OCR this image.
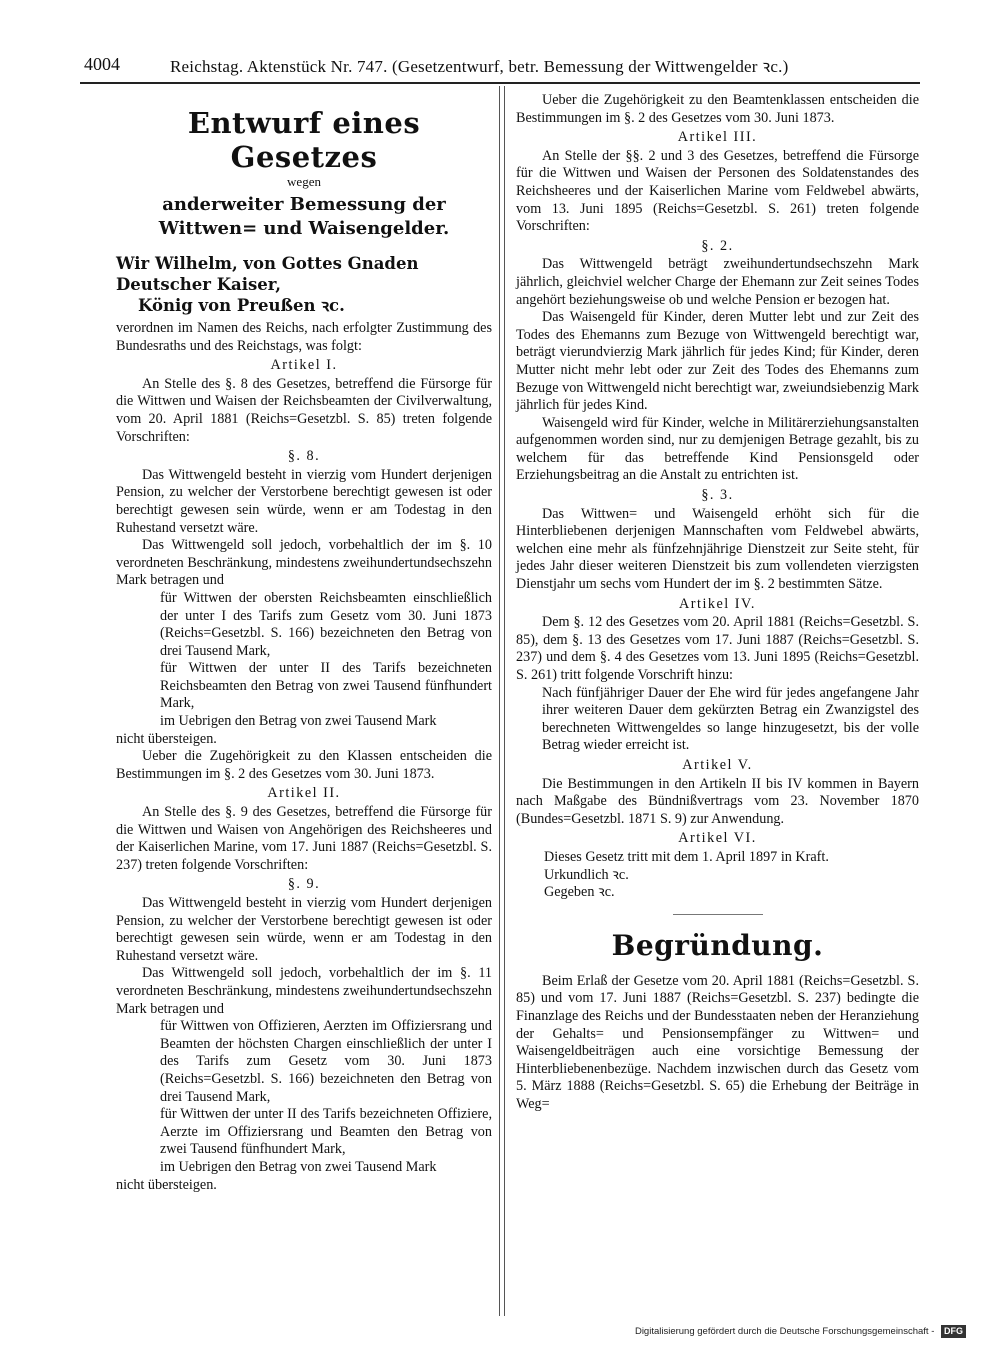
4004	Reichstag. Aktenstück Nr. 747. (Gesetzentwurf, betr. Bemessung der Wittwengelder ꝛc.)

Entwurf eines Gesetzes

wegen

anderweiter Bemessung der Wittwen= und Waisengelder.

Wir Wilhelm, von Gottes Gnaden Deutscher Kaiser,

König von Preußen ꝛc.

verordnen im Namen des Reichs, nach erfolgter Zustimmung des Bundesraths und des Reichstags, was folgt:

Artikel I.

An Stelle des §. 8 des Gesetzes, betreffend die Fürsorge für die Wittwen und Waisen der Reichsbeamten der Civilverwaltung, vom 20. April 1881 (Reichs=Gesetzbl. S. 85) treten folgende Vorschriften:

§. 8.

Das Wittwengeld besteht in vierzig vom Hundert derjenigen Pension, zu welcher der Verstorbene berechtigt gewesen ist oder berechtigt gewesen sein würde, wenn er am Todestag in den Ruhestand versetzt wäre.

Das Wittwengeld soll jedoch, vorbehaltlich der im §. 10 verordneten Beschränkung, mindestens zweihundertundsechszehn Mark betragen und

für Wittwen der obersten Reichsbeamten einschließlich der unter I des Tarifs zum Gesetz vom 30. Juni 1873 (Reichs=Gesetzbl. S. 166) bezeichneten den Betrag von drei Tausend Mark,

für Wittwen der unter II des Tarifs bezeichneten Reichsbeamten den Betrag von zwei Tausend fünfhundert Mark,

im Uebrigen den Betrag von zwei Tausend Mark

nicht übersteigen.

Ueber die Zugehörigkeit zu den Klassen entscheiden die Bestimmungen im §. 2 des Gesetzes vom 30. Juni 1873.

Artikel II.

An Stelle des §. 9 des Gesetzes, betreffend die Fürsorge für die Wittwen und Waisen von Angehörigen des Reichsheeres und der Kaiserlichen Marine, vom 17. Juni 1887 (Reichs=Gesetzbl. S. 237) treten folgende Vorschriften:

§. 9.

Das Wittwengeld besteht in vierzig vom Hundert derjenigen Pension, zu welcher der Verstorbene berechtigt gewesen ist oder berechtigt gewesen sein würde, wenn er am Todestag in den Ruhestand versetzt wäre.

Das Wittwengeld soll jedoch, vorbehaltlich der im §. 11 verordneten Beschränkung, mindestens zweihundertundsechszehn Mark betragen und

für Wittwen von Offizieren, Aerzten im Offiziersrang und Beamten der höchsten Chargen einschließlich der unter I des Tarifs zum Gesetz vom 30. Juni 1873 (Reichs=Gesetzbl. S. 166) bezeichneten den Betrag von drei Tausend Mark,

für Wittwen der unter II des Tarifs bezeichneten Offiziere, Aerzte im Offiziersrang und Beamten den Betrag von zwei Tausend fünfhundert Mark,

im Uebrigen den Betrag von zwei Tausend Mark

nicht übersteigen.

Ueber die Zugehörigkeit zu den Beamtenklassen entscheiden die Bestimmungen im §. 2 des Gesetzes vom 30. Juni 1873.

Artikel III.

An Stelle der §§. 2 und 3 des Gesetzes, betreffend die Fürsorge für die Wittwen und Waisen der Personen des Soldatenstandes des Reichsheeres und der Kaiserlichen Marine vom Feldwebel abwärts, vom 13. Juni 1895 (Reichs=Gesetzbl. S. 261) treten folgende Vorschriften:

§. 2.

Das Wittwengeld beträgt zweihundertundsechszehn Mark jährlich, gleichviel welcher Charge der Ehemann zur Zeit seines Todes angehört beziehungsweise ob und welche Pension er bezogen hat.

Das Waisengeld für Kinder, deren Mutter lebt und zur Zeit des Todes des Ehemanns zum Bezuge von Wittwengeld berechtigt war, beträgt vierundvierzig Mark jährlich für jedes Kind; für Kinder, deren Mutter nicht mehr lebt oder zur Zeit des Todes des Ehemanns zum Bezuge von Wittwengeld nicht berechtigt war, zweiundsiebenzig Mark jährlich für jedes Kind.

Waisengeld wird für Kinder, welche in Militärerziehungsanstalten aufgenommen worden sind, nur zu demjenigen Betrage gezahlt, bis zu welchem für das betreffende Kind Pensionsgeld oder Erziehungsbeitrag an die Anstalt zu entrichten ist.

§. 3.

Das Wittwen= und Waisengeld erhöht sich für die Hinterbliebenen derjenigen Mannschaften vom Feldwebel abwärts, welchen eine mehr als fünfzehnjährige Dienstzeit zur Seite steht, für jedes Jahr dieser weiteren Dienstzeit bis zum vollendeten vierzigsten Dienstjahr um sechs vom Hundert der im §. 2 bestimmten Sätze.

Artikel IV.

Dem §. 12 des Gesetzes vom 20. April 1881 (Reichs=Gesetzbl. S. 85), dem §. 13 des Gesetzes vom 17. Juni 1887 (Reichs=Gesetzbl. S. 237) und dem §. 4 des Gesetzes vom 13. Juni 1895 (Reichs=Gesetzbl. S. 261) tritt folgende Vorschrift hinzu:

Nach fünfjähriger Dauer der Ehe wird für jedes angefangene Jahr ihrer weiteren Dauer dem gekürzten Betrag ein Zwanzigstel des berechneten Wittwengeldes so lange hinzugesetzt, bis der volle Betrag wieder erreicht ist.

Artikel V.

Die Bestimmungen in den Artikeln II bis IV kommen in Bayern nach Maßgabe des Bündnißvertrags vom 23. November 1870 (Bundes=Gesetzbl. 1871 S. 9) zur Anwendung.

Artikel VI.

Dieses Gesetz tritt mit dem 1. April 1897 in Kraft.

Urkundlich ꝛc.

Gegeben ꝛc.

Begründung.

Beim Erlaß der Gesetze vom 20. April 1881 (Reichs=Gesetzbl. S. 85) und vom 17. Juni 1887 (Reichs=Gesetzbl. S. 237) bedingte die Finanzlage des Reichs und der Bundesstaaten neben der Heranziehung der Gehalts= und Pensionsempfänger zu Wittwen= und Waisengeldbeiträgen auch eine vorsichtige Bemessung der Hinterbliebenenbezüge. Nachdem inzwischen durch das Gesetz vom 5. März 1888 (Reichs=Gesetzbl. S. 65) die Erhebung der Beiträge in Weg=

Digitalisierung gefördert durch die Deutsche Forschungsgemeinschaft - DFG
